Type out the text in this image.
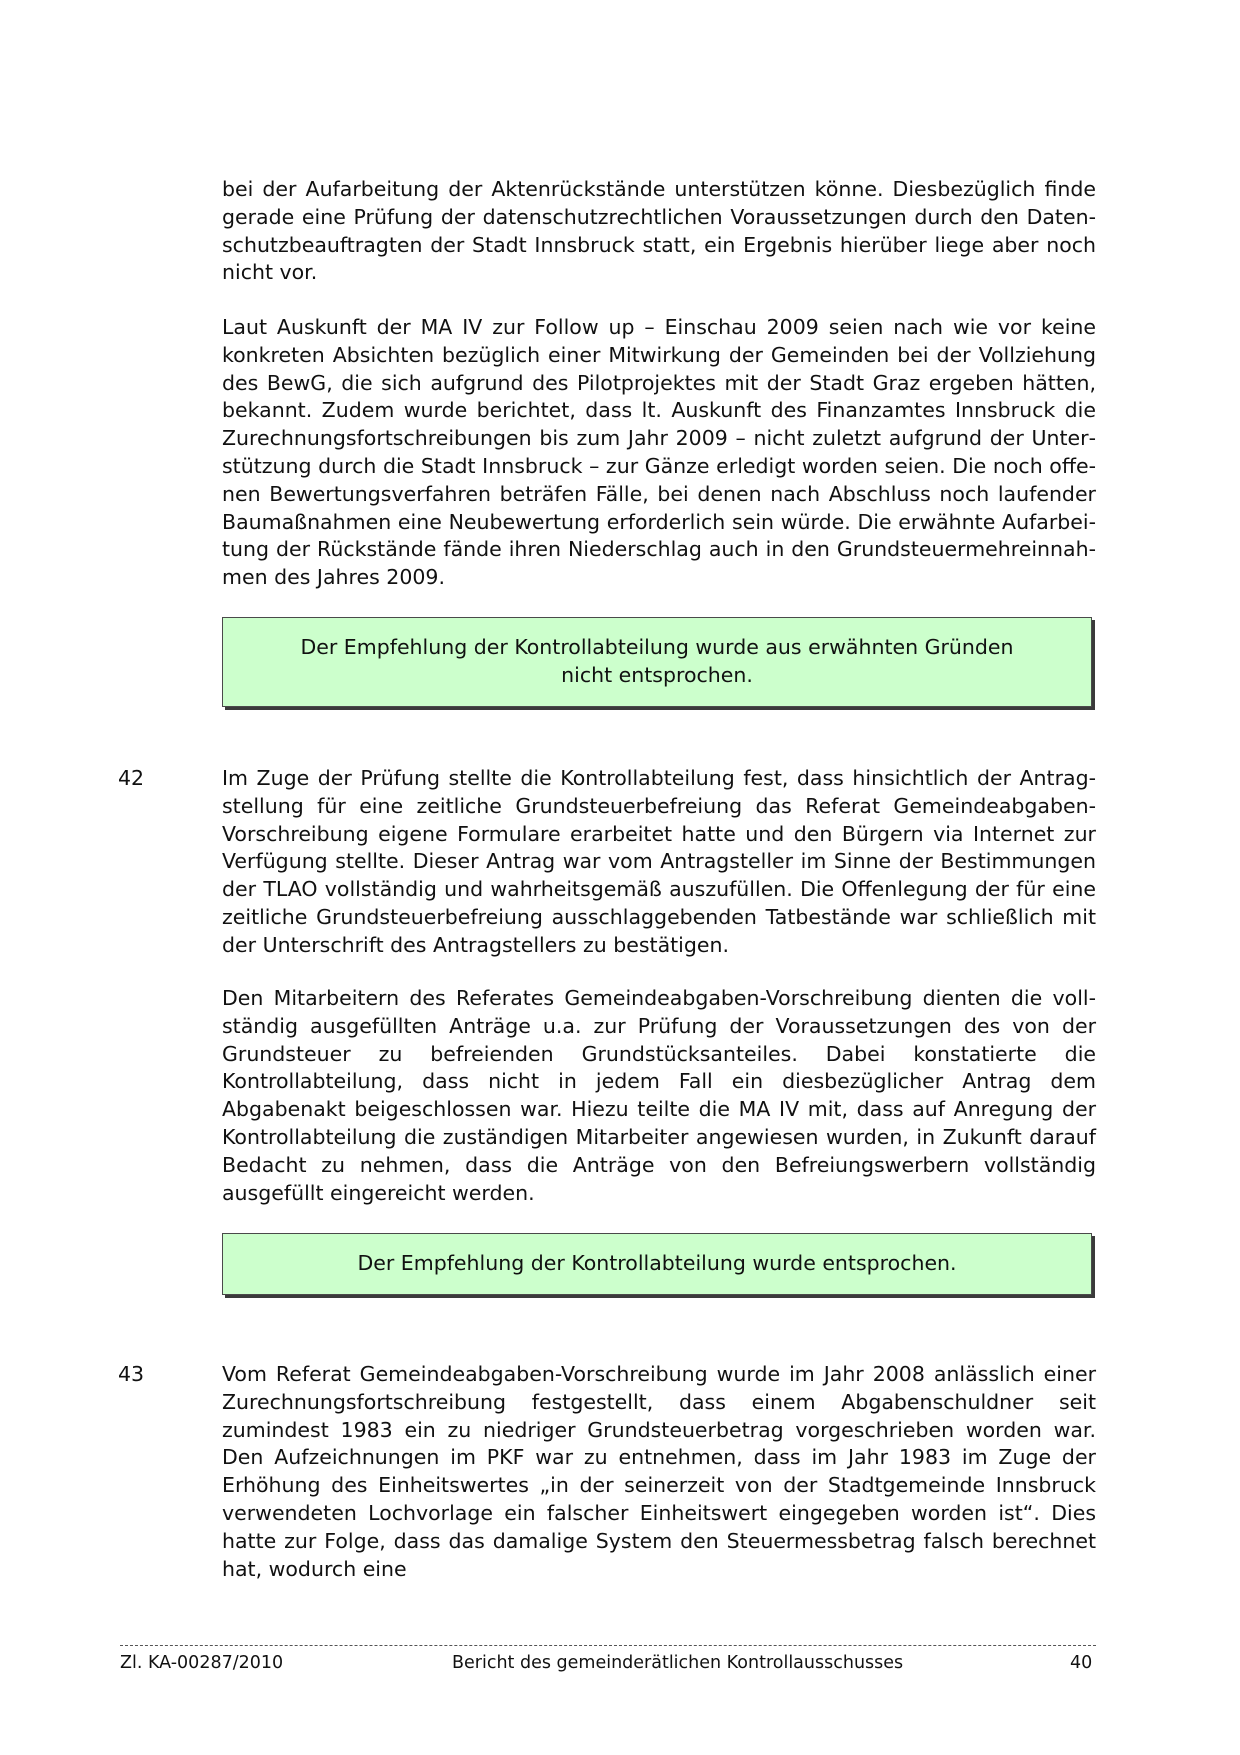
bei der Aufarbeitung der Aktenrückstände unterstützen könne. Diesbezüglich finde gerade eine Prüfung der datenschutzrechtlichen Voraussetzungen durch den Datenschutzbeauftragten der Stadt Innsbruck statt, ein Ergebnis hierüber liege aber noch nicht vor.

Laut Auskunft der MA IV zur Follow up – Einschau 2009 seien nach wie vor keine konkreten Absichten bezüglich einer Mitwirkung der Gemeinden bei der Vollziehung des BewG, die sich aufgrund des Pilotprojektes mit der Stadt Graz ergeben hätten, bekannt. Zudem wurde berichtet, dass lt. Auskunft des Finanzamtes Innsbruck die Zurechnungsfortschreibungen bis zum Jahr 2009 – nicht zuletzt aufgrund der Unterstützung durch die Stadt Innsbruck – zur Gänze erledigt worden seien. Die noch offenen Bewertungsverfahren beträfen Fälle, bei denen nach Abschluss noch laufender Baumaßnahmen eine Neubewertung erforderlich sein würde. Die erwähnte Aufarbeitung der Rückstände fände ihren Niederschlag auch in den Grundsteuermehreinnahmen des Jahres 2009.

Der Empfehlung der Kontrollabteilung wurde aus erwähnten Gründen nicht entsprochen.

42	Im Zuge der Prüfung stellte die Kontrollabteilung fest, dass hinsichtlich der Antragstellung für eine zeitliche Grundsteuerbefreiung das Referat Gemeindeabgaben-Vorschreibung eigene Formulare erarbeitet hatte und den Bürgern via Internet zur Verfügung stellte. Dieser Antrag war vom Antragsteller im Sinne der Bestimmungen der TLAO vollständig und wahrheitsgemäß auszufüllen. Die Offenlegung der für eine zeitliche Grundsteuerbefreiung ausschlaggebenden Tatbestände war schließlich mit der Unterschrift des Antragstellers zu bestätigen.

Den Mitarbeitern des Referates Gemeindeabgaben-Vorschreibung dienten die vollständig ausgefüllten Anträge u.a. zur Prüfung der Voraussetzungen des von der Grundsteuer zu befreienden Grundstücksanteiles. Dabei konstatierte die Kontrollabteilung, dass nicht in jedem Fall ein diesbezüglicher Antrag dem Abgabenakt beigeschlossen war. Hiezu teilte die MA IV mit, dass auf Anregung der Kontrollabteilung die zuständigen Mitarbeiter angewiesen wurden, in Zukunft darauf Bedacht zu nehmen, dass die Anträge von den Befreiungswerbern vollständig ausgefüllt eingereicht werden.

Der Empfehlung der Kontrollabteilung wurde entsprochen.

43	Vom Referat Gemeindeabgaben-Vorschreibung wurde im Jahr 2008 anlässlich einer Zurechnungsfortschreibung festgestellt, dass einem Abgabenschuldner seit zumindest 1983 ein zu niedriger Grundsteuerbetrag vorgeschrieben worden war. Den Aufzeichnungen im PKF war zu entnehmen, dass im Jahr 1983 im Zuge der Erhöhung des Einheitswertes „in der seinerzeit von der Stadtgemeinde Innsbruck verwendeten Lochvorlage ein falscher Einheitswert eingegeben worden ist“. Dies hatte zur Folge, dass das damalige System den Steuermessbetrag falsch berechnet hat, wodurch eine

Zl. KA-00287/2010	Bericht des gemeinderätlichen Kontrollausschusses	40
